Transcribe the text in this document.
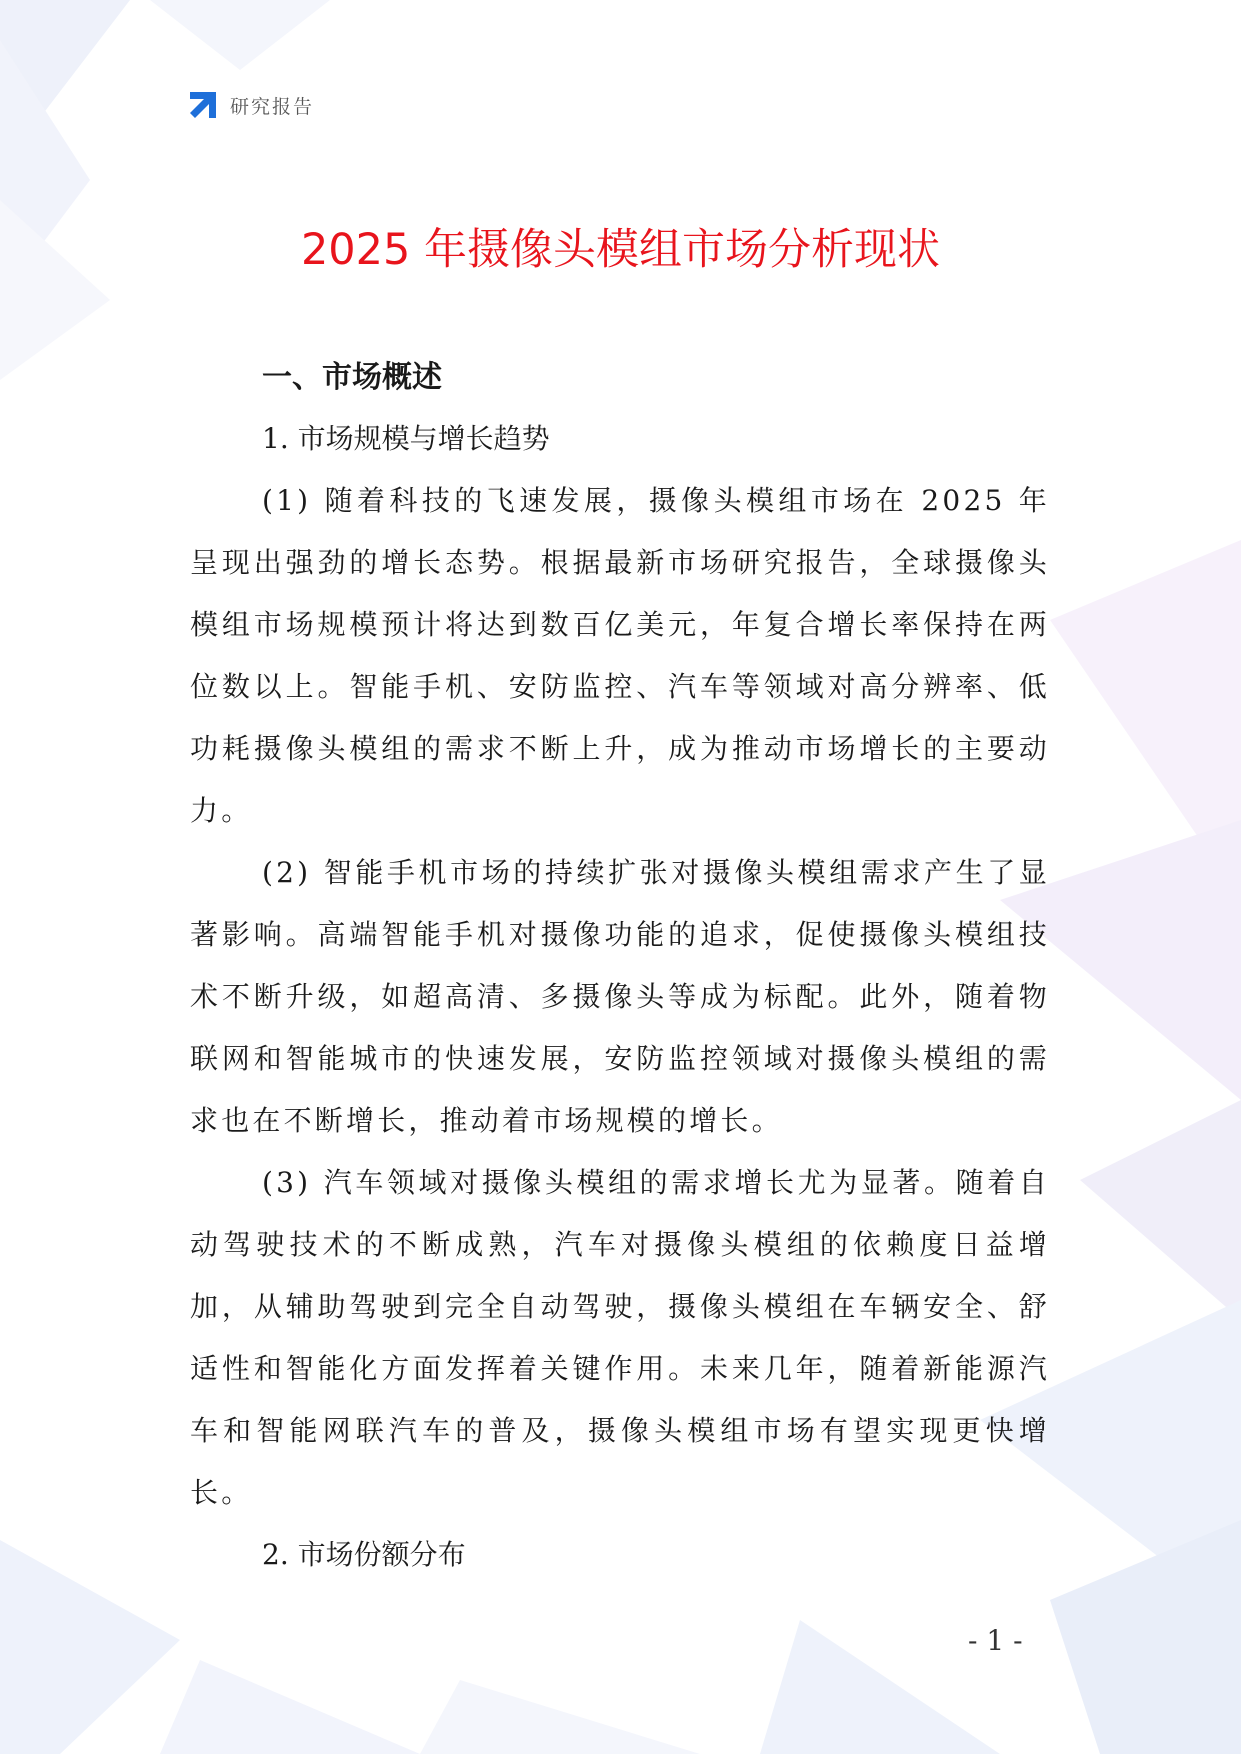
研究报告
2025 年摄像头模组市场分析现状
一、市场概述
1. 市场规模与增长趋势

(1) 随着科技的飞速发展，摄像头模组市场在 2025 年呈现出强劲的增长态势。根据最新市场研究报告，全球摄像头模组市场规模预计将达到数百亿美元，年复合增长率保持在两位数以上。智能手机、安防监控、汽车等领域对高分辨率、低功耗摄像头模组的需求不断上升，成为推动市场增长的主要动力。

(2) 智能手机市场的持续扩张对摄像头模组需求产生了显著影响。高端智能手机对摄像功能的追求，促使摄像头模组技术不断升级，如超高清、多摄像头等成为标配。此外，随着物联网和智能城市的快速发展，安防监控领域对摄像头模组的需求也在不断增长，推动着市场规模的增长。

(3) 汽车领域对摄像头模组的需求增长尤为显著。随着自动驾驶技术的不断成熟，汽车对摄像头模组的依赖度日益增加，从辅助驾驶到完全自动驾驶，摄像头模组在车辆安全、舒适性和智能化方面发挥着关键作用。未来几年，随着新能源汽车和智能网联汽车的普及，摄像头模组市场有望实现更快增长。

2. 市场份额分布
- 1 -
